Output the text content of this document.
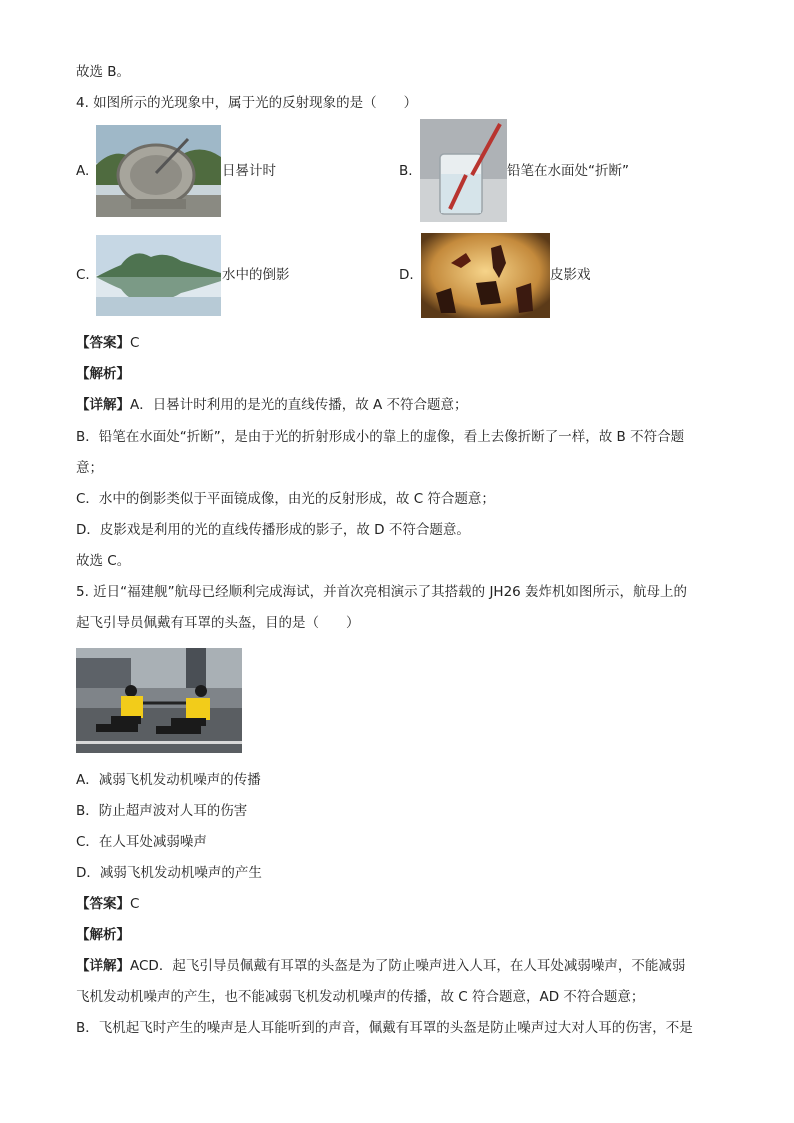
故选 B。
4. 如图所示的光现象中，属于光的反射现象的是（　　）
A.	日晷计时	B.	铅笔在水面处“折断”
C.	水中的倒影	D.	皮影戏
【答案】C
【解析】
【详解】A．日晷计时利用的是光的直线传播，故 A 不符合题意；
B．铅笔在水面处“折断”，是由于光的折射形成小的靠上的虚像，看上去像折断了一样，故 B 不符合题
意；
C．水中的倒影类似于平面镜成像，由光的反射形成，故 C 符合题意；
D．皮影戏是利用的光的直线传播形成的影子，故 D 不符合题意。
故选 C。
5. 近日“福建舰”航母已经顺利完成海试，并首次亮相演示了其搭载的 JH26 轰炸机如图所示，航母上的
起飞引导员佩戴有耳罩的头盔，目的是（　　）
A．减弱飞机发动机噪声的传播
B．防止超声波对人耳的伤害
C．在人耳处减弱噪声
D．减弱飞机发动机噪声的产生
【答案】C
【解析】
【详解】ACD．起飞引导员佩戴有耳罩的头盔是为了防止噪声进入人耳，在人耳处减弱噪声，不能减弱
飞机发动机噪声的产生，也不能减弱飞机发动机噪声的传播，故 C 符合题意，AD 不符合题意；
B．飞机起飞时产生的噪声是人耳能听到的声音，佩戴有耳罩的头盔是防止噪声过大对人耳的伤害，不是
